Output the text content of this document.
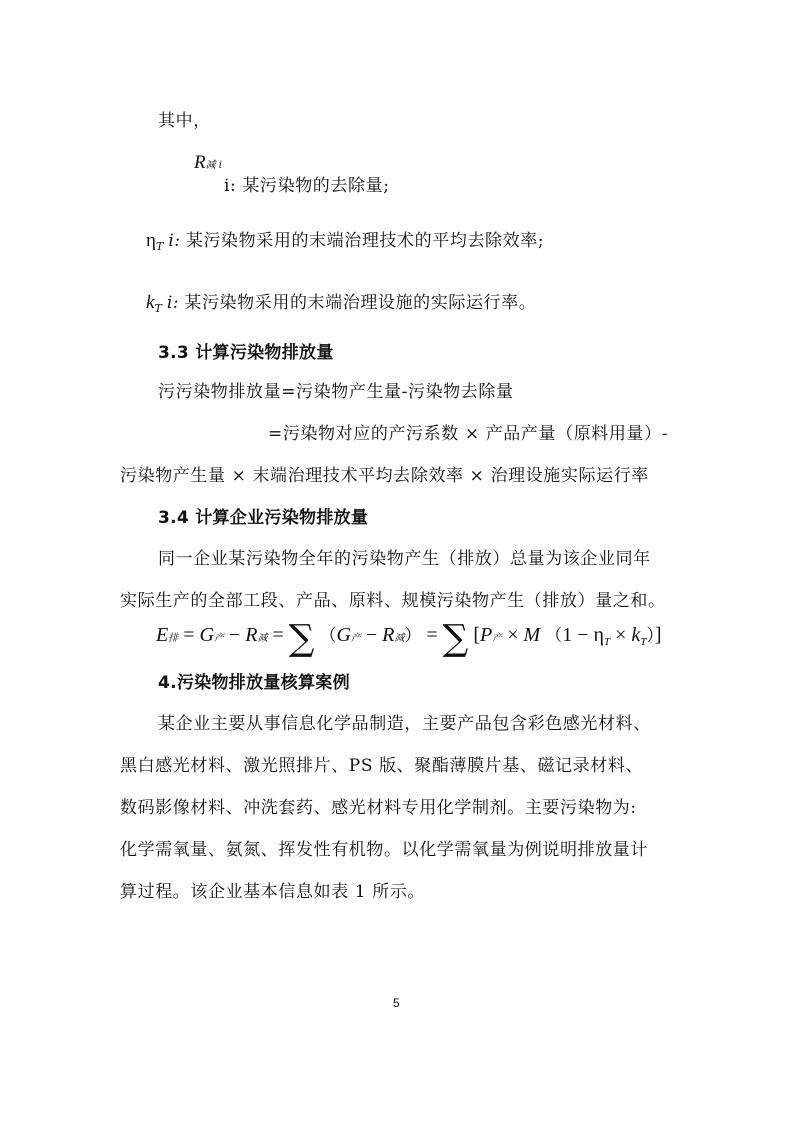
其中，
R减 i
i: 某污染物的去除量;
$\eta_T$ i: 某污染物采用的末端治理技术的平均去除效率;
$k_T$ i: 某污染物采用的末端治理设施的实际运行率。
3.3 计算污染物排放量
污污染物排放量=污染物产生量-污染物去除量
=污染物对应的产污系数 × 产品产量（原料用量）-
污染物产生量 × 末端治理技术平均去除效率 × 治理设施实际运行率
3.4 计算企业污染物排放量
同一企业某污染物全年的污染物产生（排放）总量为该企业同年
实际生产的全部工段、产品、原料、规模污染物产生（排放）量之和。
E排 = G产 − R减 = ∑ （G产 − R减） = ∑ [P产 × M $(1 - \eta_T \times k_T)$]
4.污染物排放量核算案例
某企业主要从事信息化学品制造，主要产品包含彩色感光材料、
黑白感光材料、激光照排片、PS 版、聚酯薄膜片基、磁记录材料、
数码影像材料、冲洗套药、感光材料专用化学制剂。主要污染物为:
化学需氧量、氨氮、挥发性有机物。以化学需氧量为例说明排放量计
算过程。该企业基本信息如表 1 所示。
5
